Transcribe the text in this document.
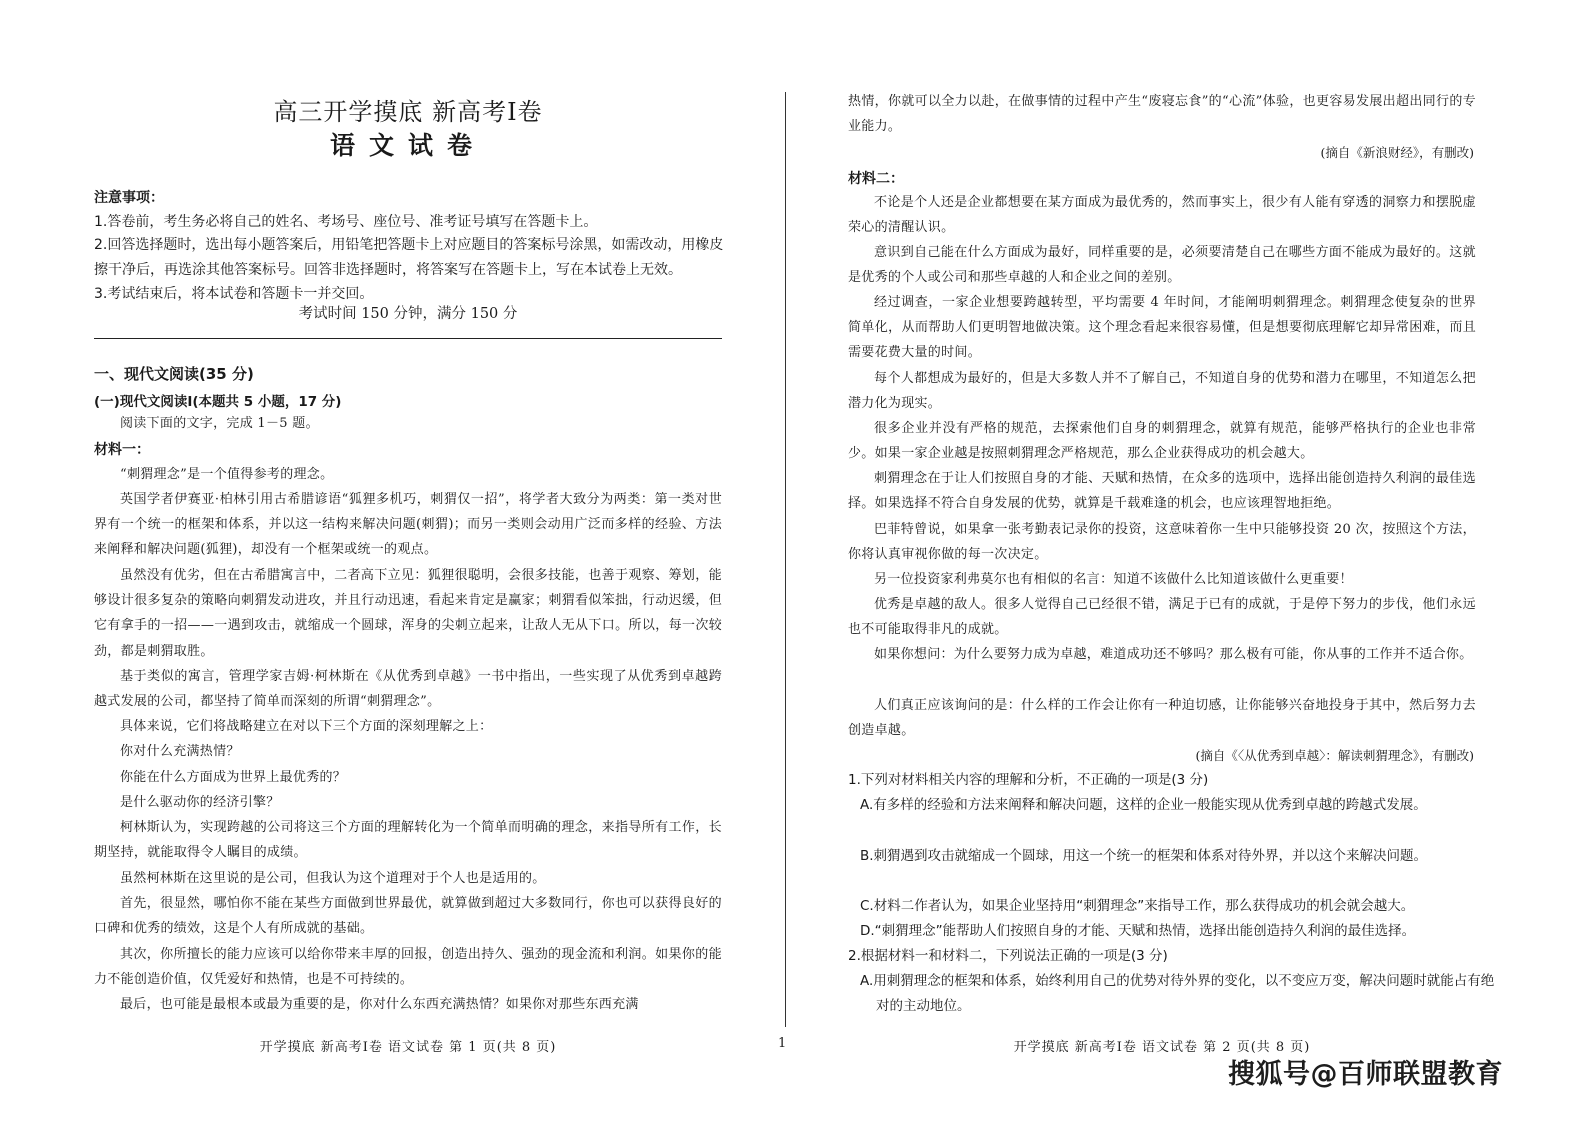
高三开学摸底 新高考Ⅰ卷
语文试卷
注意事项：
1.答卷前，考生务必将自己的姓名、考场号、座位号、准考证号填写在答题卡上。
2.回答选择题时，选出每小题答案后，用铅笔把答题卡上对应题目的答案标号涂黑，如需改动，用橡皮擦干净后，再选涂其他答案标号。回答非选择题时，将答案写在答题卡上，写在本试卷上无效。
3.考试结束后，将本试卷和答题卡一并交回。
考试时间 150 分钟，满分 150 分
一、现代文阅读(35 分)
(一)现代文阅读Ⅰ(本题共 5 小题，17 分)
阅读下面的文字，完成 1－5 题。
材料一：
“刺猬理念”是一个值得参考的理念。
英国学者伊赛亚·柏林引用古希腊谚语“狐狸多机巧，刺猬仅一招”，将学者大致分为两类：第一类对世界有一个统一的框架和体系，并以这一结构来解决问题(刺猬)；而另一类则会动用广泛而多样的经验、方法来阐释和解决问题(狐狸)，却没有一个框架或统一的观点。
虽然没有优劣，但在古希腊寓言中，二者高下立见：狐狸很聪明，会很多技能，也善于观察、筹划，能够设计很多复杂的策略向刺猬发动进攻，并且行动迅速，看起来肯定是赢家；刺猬看似笨拙，行动迟缓，但它有拿手的一招——一遇到攻击，就缩成一个圆球，浑身的尖刺立起来，让敌人无从下口。所以，每一次较劲，都是刺猬取胜。
基于类似的寓言，管理学家吉姆·柯林斯在《从优秀到卓越》一书中指出，一些实现了从优秀到卓越跨越式发展的公司，都坚持了简单而深刻的所谓“刺猬理念”。
具体来说，它们将战略建立在对以下三个方面的深刻理解之上：
你对什么充满热情？
你能在什么方面成为世界上最优秀的？
是什么驱动你的经济引擎？
柯林斯认为，实现跨越的公司将这三个方面的理解转化为一个简单而明确的理念，来指导所有工作，长期坚持，就能取得令人瞩目的成绩。
虽然柯林斯在这里说的是公司，但我认为这个道理对于个人也是适用的。
首先，很显然，哪怕你不能在某些方面做到世界最优，就算做到超过大多数同行，你也可以获得良好的口碑和优秀的绩效，这是个人有所成就的基础。
其次，你所擅长的能力应该可以给你带来丰厚的回报，创造出持久、强劲的现金流和利润。如果你的能力不能创造价值，仅凭爱好和热情，也是不可持续的。
最后，也可能是最根本或最为重要的是，你对什么东西充满热情？如果你对那些东西充满
开学摸底 新高考Ⅰ卷 语文试卷 第 1 页(共 8 页)	1
热情，你就可以全力以赴，在做事情的过程中产生“废寝忘食”的“心流”体验，也更容易发展出超出同行的专业能力。
(摘自《新浪财经》，有删改)
材料二：
不论是个人还是企业都想要在某方面成为最优秀的，然而事实上，很少有人能有穿透的洞察力和摆脱虚荣心的清醒认识。
意识到自己能在什么方面成为最好，同样重要的是，必须要清楚自己在哪些方面不能成为最好的。这就是优秀的个人或公司和那些卓越的人和企业之间的差别。
经过调查，一家企业想要跨越转型，平均需要 4 年时间，才能阐明刺猬理念。刺猬理念使复杂的世界简单化，从而帮助人们更明智地做决策。这个理念看起来很容易懂，但是想要彻底理解它却异常困难，而且需要花费大量的时间。
每个人都想成为最好的，但是大多数人并不了解自己，不知道自身的优势和潜力在哪里，不知道怎么把潜力化为现实。
很多企业并没有严格的规范，去探索他们自身的刺猬理念，就算有规范，能够严格执行的企业也非常少。如果一家企业越是按照刺猬理念严格规范，那么企业获得成功的机会越大。
刺猬理念在于让人们按照自身的才能、天赋和热情，在众多的选项中，选择出能创造持久利润的最佳选择。如果选择不符合自身发展的优势，就算是千载难逢的机会，也应该理智地拒绝。
巴菲特曾说，如果拿一张考勤表记录你的投资，这意味着你一生中只能够投资 20 次，按照这个方法，你将认真审视你做的每一次决定。
另一位投资家利弗莫尔也有相似的名言：知道不该做什么比知道该做什么更重要！
优秀是卓越的敌人。很多人觉得自己已经很不错，满足于已有的成就，于是停下努力的步伐，他们永远也不可能取得非凡的成就。
如果你想问：为什么要努力成为卓越，难道成功还不够吗？那么极有可能，你从事的工作并不适合你。
人们真正应该询问的是：什么样的工作会让你有一种迫切感，让你能够兴奋地投身于其中，然后努力去创造卓越。
(摘自《〈从优秀到卓越〉：解读刺猬理念》，有删改)
1.下列对材料相关内容的理解和分析，不正确的一项是(3 分)
A.有多样的经验和方法来阐释和解决问题，这样的企业一般能实现从优秀到卓越的跨越式发展。
B.刺猬遇到攻击就缩成一个圆球，用这一个统一的框架和体系对待外界，并以这个来解决问题。
C.材料二作者认为，如果企业坚持用“刺猬理念”来指导工作，那么获得成功的机会就会越大。
D.“刺猬理念”能帮助人们按照自身的才能、天赋和热情，选择出能创造持久利润的最佳选择。
2.根据材料一和材料二，下列说法正确的一项是(3 分)
A.用刺猬理念的框架和体系，始终利用自己的优势对待外界的变化，以不变应万变，解决问题时就能占有绝对的主动地位。
开学摸底 新高考Ⅰ卷 语文试卷 第 2 页(共 8 页)
搜狐号@百师联盟教育
